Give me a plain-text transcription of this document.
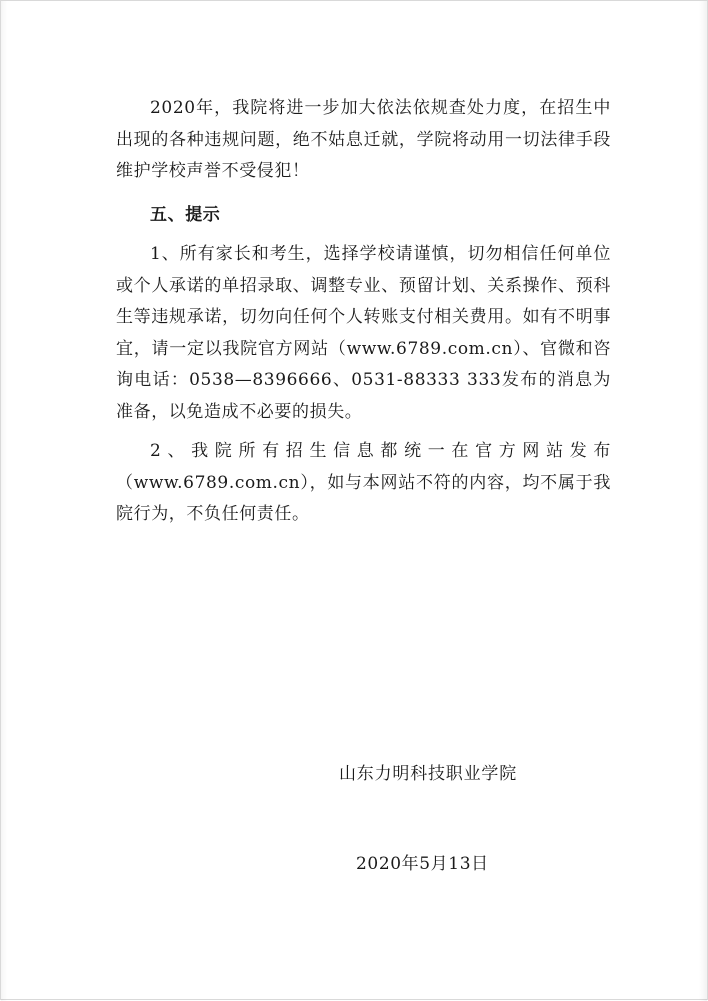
2020年，我院将进一步加大依法依规查处力度，在招生中出现的各种违规问题，绝不姑息迁就，学院将动用一切法律手段维护学校声誉不受侵犯！

五、提示

1、所有家长和考生，选择学校请谨慎，切勿相信任何单位或个人承诺的单招录取、调整专业、预留计划、关系操作、预科生等违规承诺，切勿向任何个人转账支付相关费用。如有不明事宜，请一定以我院官方网站（www.6789.com.cn）、官微和咨询电话：0538—8396666、0531-88333 333发布的消息为准备，以免造成不必要的损失。

2、我院所有招生信息都统一在官方网站发布（www.6789.com.cn），如与本网站不符的内容，均不属于我院行为，不负任何责任。

山东力明科技职业学院
2020年5月13日
